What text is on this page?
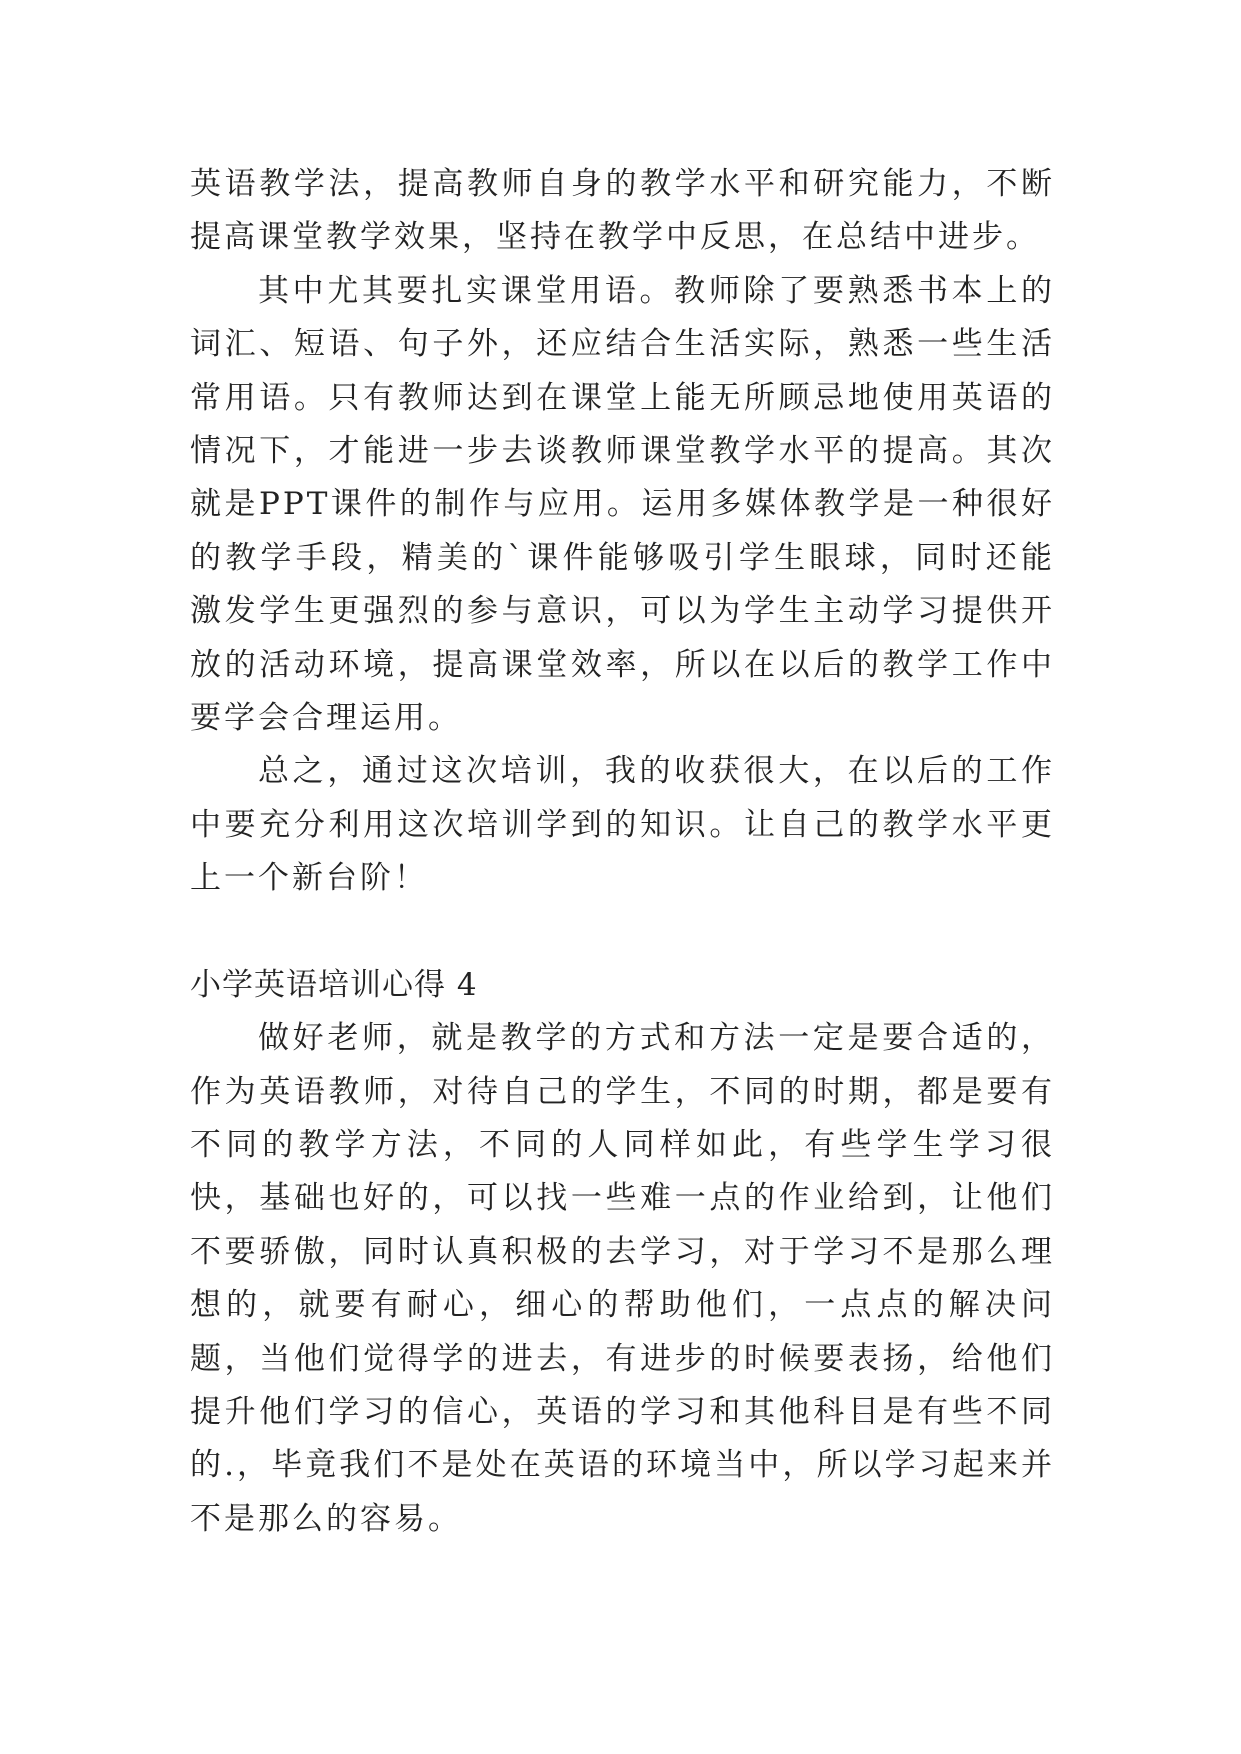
英语教学法，提高教师自身的教学水平和研究能力，不断提高课堂教学效果，坚持在教学中反思，在总结中进步。

其中尤其要扎实课堂用语。教师除了要熟悉书本上的词汇、短语、句子外，还应结合生活实际，熟悉一些生活常用语。只有教师达到在课堂上能无所顾忌地使用英语的情况下，才能进一步去谈教师课堂教学水平的提高。其次就是PPT课件的制作与应用。运用多媒体教学是一种很好的教学手段，精美的`课件能够吸引学生眼球，同时还能激发学生更强烈的参与意识，可以为学生主动学习提供开放的活动环境，提高课堂效率，所以在以后的教学工作中要学会合理运用。

总之，通过这次培训，我的收获很大，在以后的工作中要充分利用这次培训学到的知识。让自己的教学水平更上一个新台阶！

小学英语培训心得 4

做好老师，就是教学的方式和方法一定是要合适的，作为英语教师，对待自己的学生，不同的时期，都是要有不同的教学方法，不同的人同样如此，有些学生学习很快，基础也好的，可以找一些难一点的作业给到，让他们不要骄傲，同时认真积极的去学习，对于学习不是那么理想的，就要有耐心，细心的帮助他们，一点点的解决问题，当他们觉得学的进去，有进步的时候要表扬，给他们提升他们学习的信心，英语的学习和其他科目是有些不同的.，毕竟我们不是处在英语的环境当中，所以学习起来并不是那么的容易。
